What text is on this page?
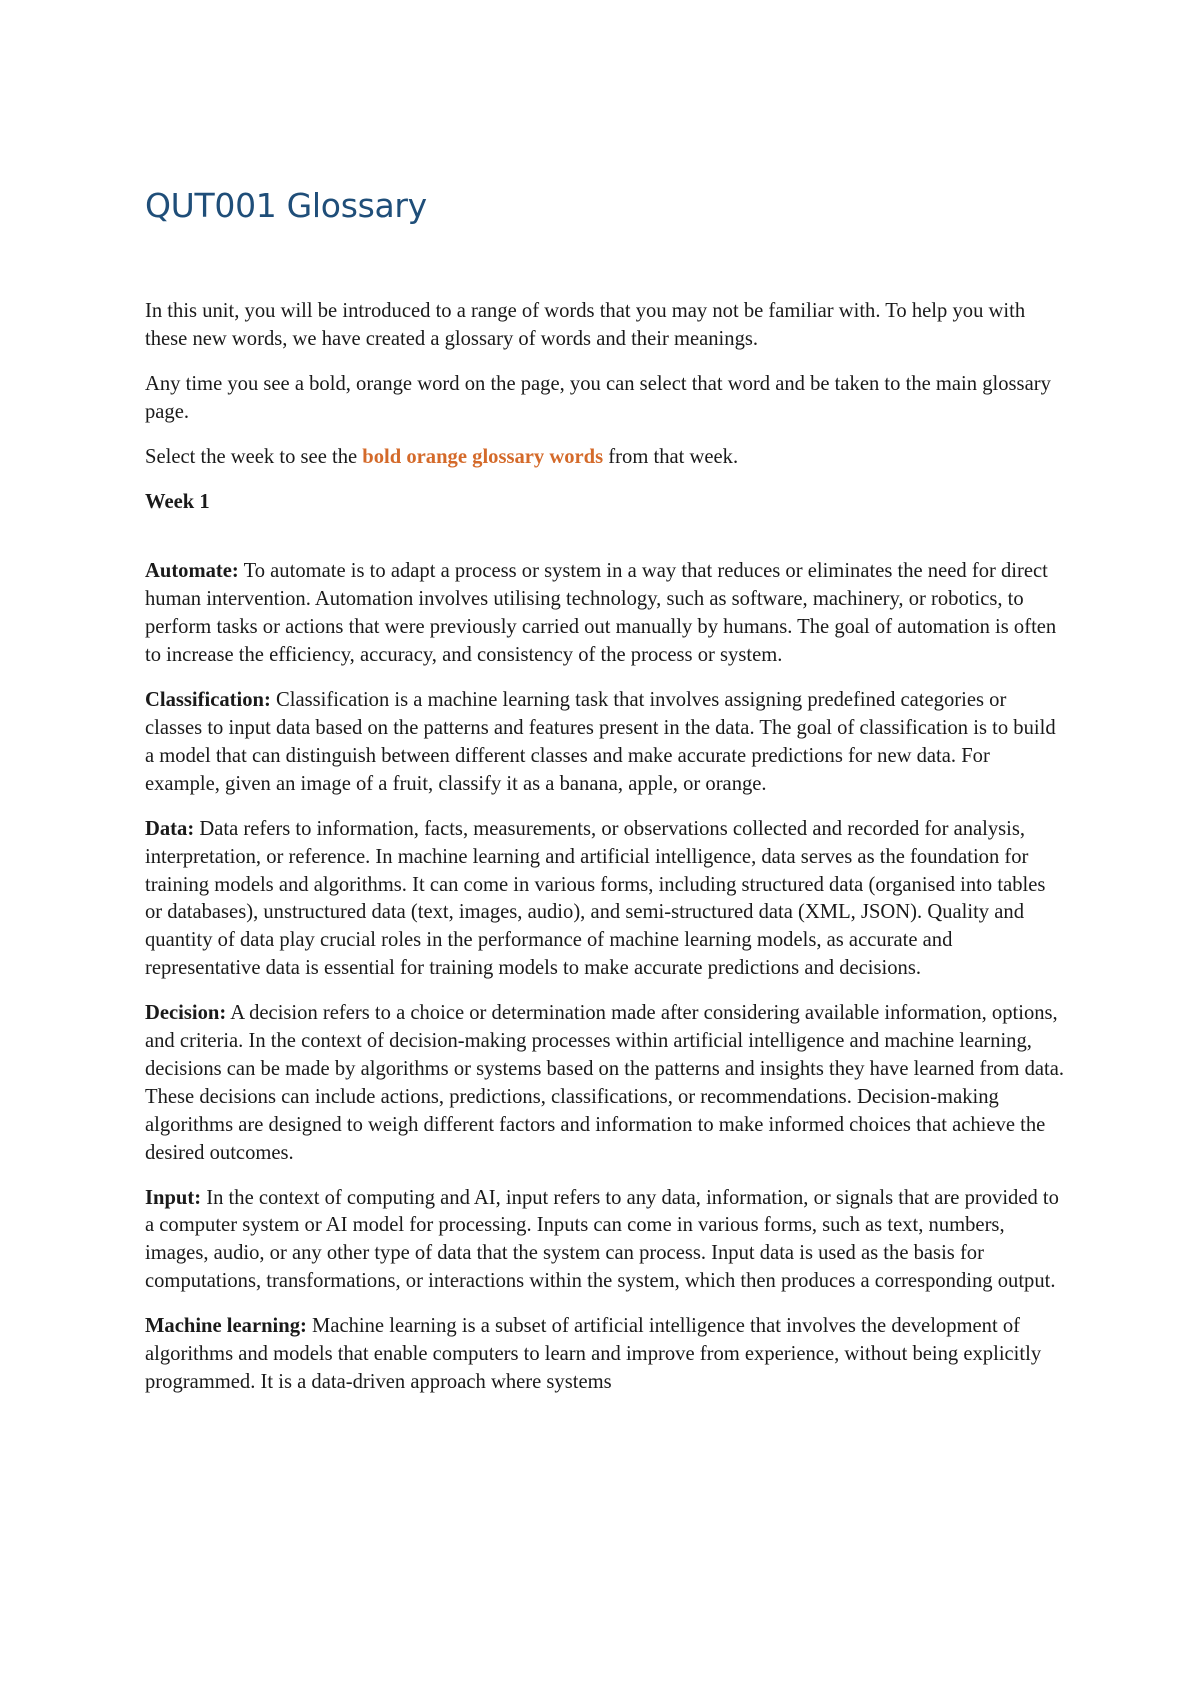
QUT001 Glossary

In this unit, you will be introduced to a range of words that you may not be familiar with. To help you with these new words, we have created a glossary of words and their meanings.

Any time you see a bold, orange word on the page, you can select that word and be taken to the main glossary page.

Select the week to see the bold orange glossary words from that week.

Week 1

Automate: To automate is to adapt a process or system in a way that reduces or eliminates the need for direct human intervention. Automation involves utilising technology, such as software, machinery, or robotics, to perform tasks or actions that were previously carried out manually by humans. The goal of automation is often to increase the efficiency, accuracy, and consistency of the process or system.

Classification: Classification is a machine learning task that involves assigning predefined categories or classes to input data based on the patterns and features present in the data. The goal of classification is to build a model that can distinguish between different classes and make accurate predictions for new data. For example, given an image of a fruit, classify it as a banana, apple, or orange.

Data: Data refers to information, facts, measurements, or observations collected and recorded for analysis, interpretation, or reference. In machine learning and artificial intelligence, data serves as the foundation for training models and algorithms. It can come in various forms, including structured data (organised into tables or databases), unstructured data (text, images, audio), and semi-structured data (XML, JSON). Quality and quantity of data play crucial roles in the performance of machine learning models, as accurate and representative data is essential for training models to make accurate predictions and decisions.

Decision: A decision refers to a choice or determination made after considering available information, options, and criteria. In the context of decision-making processes within artificial intelligence and machine learning, decisions can be made by algorithms or systems based on the patterns and insights they have learned from data. These decisions can include actions, predictions, classifications, or recommendations. Decision-making algorithms are designed to weigh different factors and information to make informed choices that achieve the desired outcomes.

Input: In the context of computing and AI, input refers to any data, information, or signals that are provided to a computer system or AI model for processing. Inputs can come in various forms, such as text, numbers, images, audio, or any other type of data that the system can process. Input data is used as the basis for computations, transformations, or interactions within the system, which then produces a corresponding output.

Machine learning: Machine learning is a subset of artificial intelligence that involves the development of algorithms and models that enable computers to learn and improve from experience, without being explicitly programmed. It is a data-driven approach where systems
